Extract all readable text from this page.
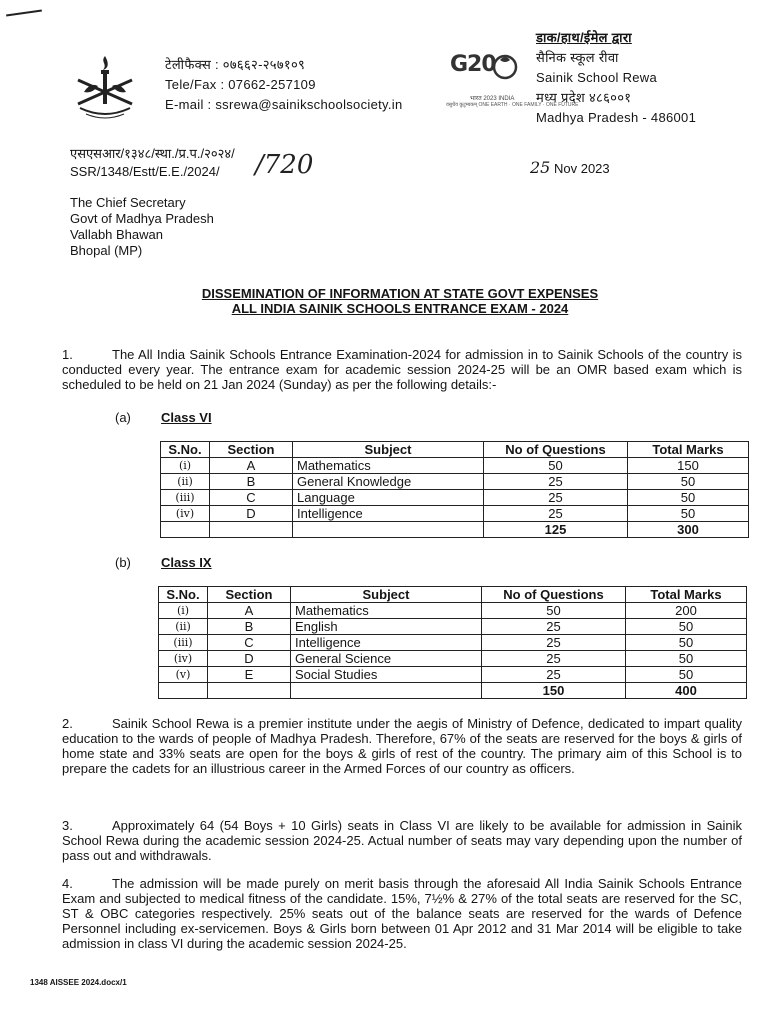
टेलीफैक्स : ०७६६२-२५७१०९
Tele/Fax : 07662-257109
E-mail : ssrewa@sainikschoolsociety.in
G20
भारत 2023 INDIA
वसुधैव कुटुम्बकम् ONE EARTH · ONE FAMILY · ONE FUTURE
डाक/हाथ/ईमेल द्वारा
सैनिक स्कूल रीवा
Sainik School Rewa
मध्य प्रदेश ४८६००१
Madhya Pradesh - 486001
एसएसआर/१३४८/स्था./प्र.प./२०२४/
SSR/1348/Estt/E.E./2024/	/720	25 Nov 2023
The Chief Secretary
Govt of Madhya Pradesh
Vallabh Bhawan
Bhopal (MP)
DISSEMINATION OF INFORMATION AT STATE GOVT EXPENSES
ALL INDIA SAINIK SCHOOLS ENTRANCE EXAM - 2024
1.	The All India Sainik Schools Entrance Examination-2024 for admission in to Sainik Schools of the country is conducted every year. The entrance exam for academic session 2024-25 will be an OMR based exam which is scheduled to be held on 21 Jan 2024 (Sunday) as per the following details:-
(a) Class VI
S.No.	Section	Subject	No of Questions	Total Marks
(i)	A	Mathematics	50	150
(ii)	B	General Knowledge	25	50
(iii)	C	Language	25	50
(iv)	D	Intelligence	25	50
			125	300
(b) Class IX
S.No.	Section	Subject	No of Questions	Total Marks
(i)	A	Mathematics	50	200
(ii)	B	English	25	50
(iii)	C	Intelligence	25	50
(iv)	D	General Science	25	50
(v)	E	Social Studies	25	50
			150	400
2.	Sainik School Rewa is a premier institute under the aegis of Ministry of Defence, dedicated to impart quality education to the wards of people of Madhya Pradesh. Therefore, 67% of the seats are reserved for the boys & girls of home state and 33% seats are open for the boys & girls of rest of the country. The primary aim of this School is to prepare the cadets for an illustrious career in the Armed Forces of our country as officers.
3.	Approximately 64 (54 Boys + 10 Girls) seats in Class VI are likely to be available for admission in Sainik School Rewa during the academic session 2024-25. Actual number of seats may vary depending upon the number of pass out and withdrawals.
4.	The admission will be made purely on merit basis through the aforesaid All India Sainik Schools Entrance Exam and subjected to medical fitness of the candidate. 15%, 7½% & 27% of the total seats are reserved for the SC, ST & OBC categories respectively. 25% seats out of the balance seats are reserved for the wards of Defence Personnel including ex-servicemen. Boys & Girls born between 01 Apr 2012 and 31 Mar 2014 will be eligible to take admission in class VI during the academic session 2024-25.
1348 AISSEE 2024.docx/1
